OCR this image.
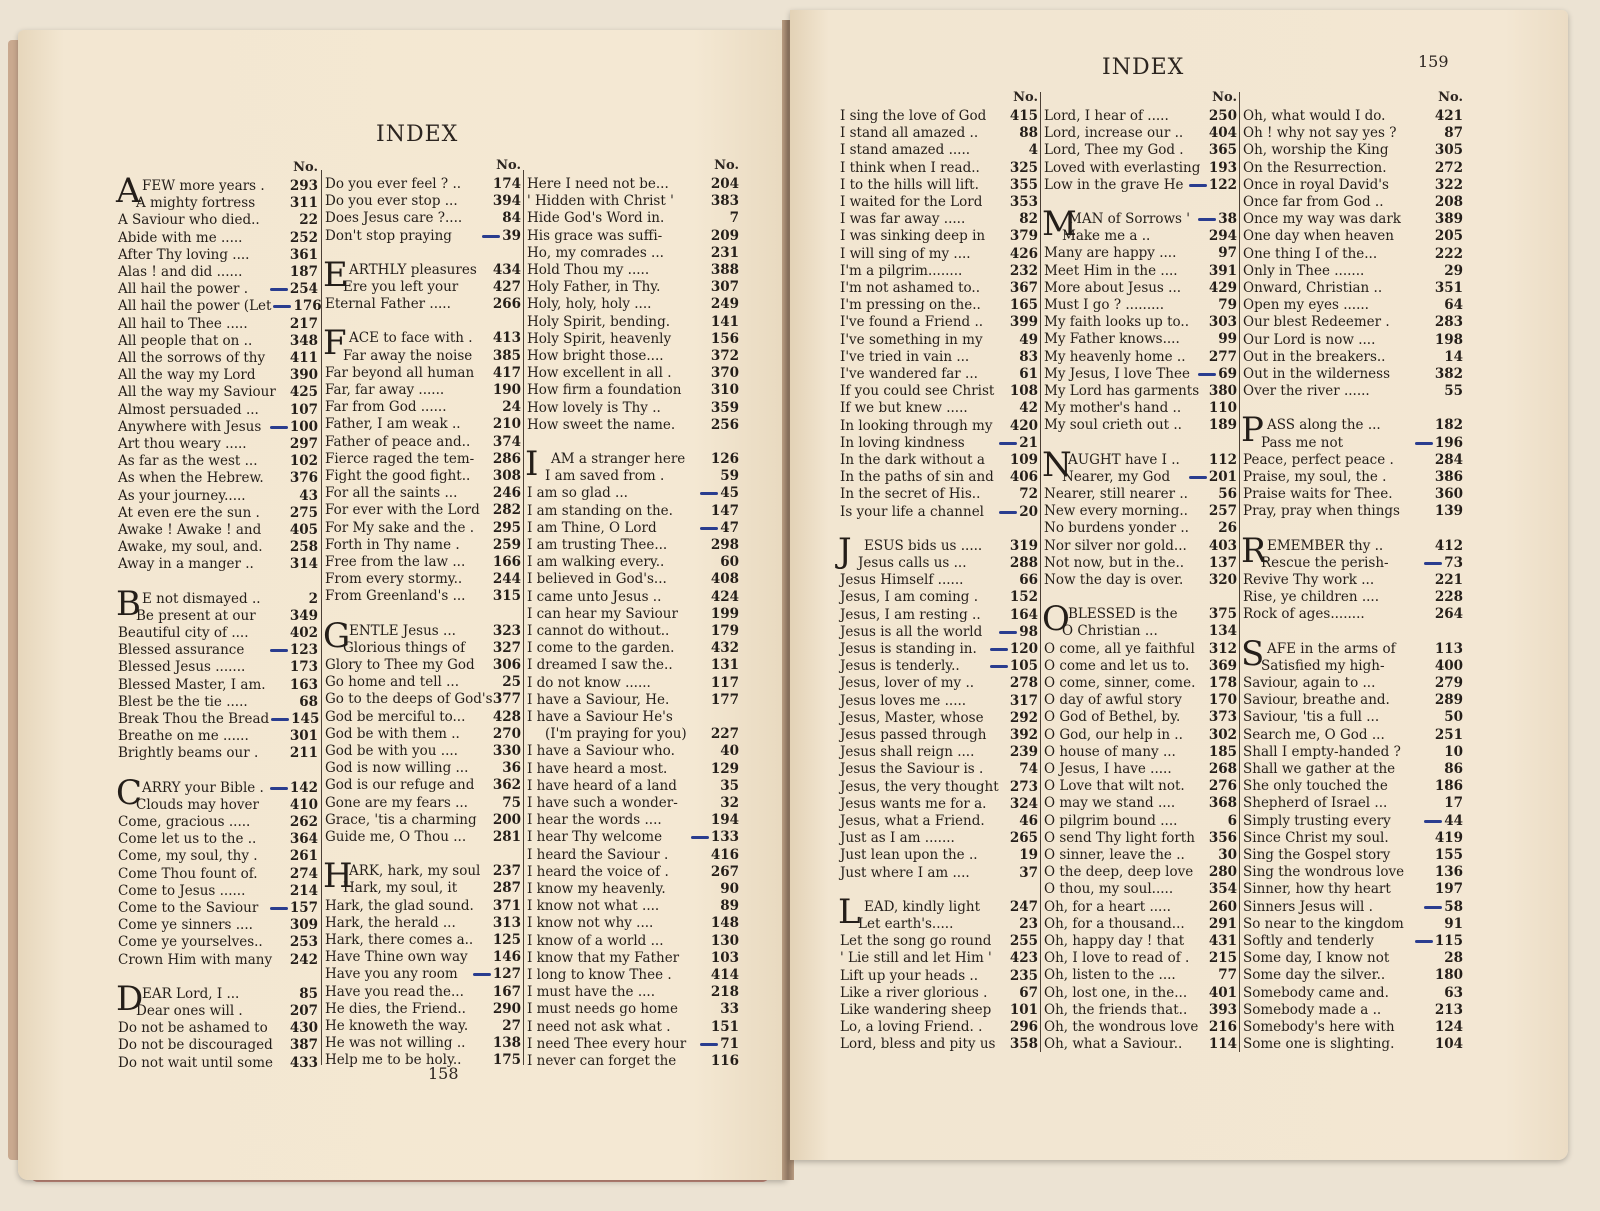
INDEX
158
No.
A FEW more years . 293
A mighty fortress	311
A Saviour who died..	22
Abide with me .....	252
After Thy loving ....	361
Alas ! and did ......	187
All hail the power .	254
All hail the power (Let	176
All hail to Thee .....	217
All people that on ..	348
All the sorrows of thy 411
All the way my Lord	390
All the way my Saviour 425
Almost persuaded ... 107
Anywhere with Jesus	100
Art thou weary .....	297
As far as the west ... 102
As when the Hebrew. 376
As your journey.....	43
At even ere the sun . 275
Awake ! Awake ! and 405
Awake, my soul, and. 258
Away in a manger ..	314
B E not dismayed ..	2
Be present at our	349
Beautiful city of ....	402
Blessed assurance	123
Blessed Jesus .......	173
Blessed Master, I am. 163
Blest be the tie .....	68
Break Thou the Bread	145
Breathe on me ......	301
Brightly beams our . 211
C ARRY your Bible .	142
Clouds may hover 410
Come, gracious .....	262
Come let us to the .. 364
Come, my soul, thy . 261
Come Thou fount of. 274
Come to Jesus ......	214
Come to the Saviour	157
Come ye sinners ....	309
Come ye yourselves.. 253
Crown Him with many 242
D
EAR Lord, I ...	85
Dear ones will .	207
Do not be ashamed to 430
Do not be discouraged 387
Do not wait until some 433
No.
Do you ever feel ? .. 174
Do you ever stop ...	394
Does Jesus care ?....	84
Don't stop praying	39
E ARTHLY pleasures 434
Ere you left your	427
Eternal Father .....	266
F ACE to face with . 413
Far away the noise 385
Far beyond all human 417
Far, far away ......	190
Far from God ......	24
Father, I am weak .. 210
Father of peace and.. 374
Fierce raged the tem- 286
Fight the good fight.. 308
For all the saints ...	246
For ever with the Lord 282
For My sake and the . 295
Forth in Thy name . 259
Free from the law ... 166
From every stormy.. 244
From Greenland's ... 315
G
ENTLE Jesus ...	323
Glorious things of 327
Glory to Thee my God 306
Go home and tell ...	25
Go to the deeps of God's 377
God be merciful to... 428
God be with them .. 270
God be with you ....	330
God is now willing ...	36
God is our refuge and 362
Gone are my fears ...	75
Grace, 'tis a charming 200
Guide me, O Thou ... 281
H
ARK, hark, my soul 237
Hark, my soul, it	287
Hark, the glad sound. 371
Hark, the herald ...	313
Hark, there comes a.. 125
Have Thine own way 146
Have you any room	127
Have you read the... 167
He dies, the Friend.. 290
He knoweth the way.	27
He was not willing .. 138
Help me to be holy.. 175
No.
Here I need not be...	204
' Hidden with Christ '	383
Hide God's Word in.	7
His grace was suffi-	209
Ho, my comrades ...	231
Hold Thou my .....	388
Holy Father, in Thy.	307
Holy, holy, holy ....	249
Holy Spirit, bending.	141
Holy Spirit, heavenly	156
How bright those....	372
How excellent in all .	370
How firm a foundation 310
How lovely is Thy ..	359
How sweet the name.	256
I AM a stranger here 126
I am saved from .	59
I am so glad ...	45
I am standing on the.	147
I am Thine, O Lord	47
I am trusting Thee...	298
I am walking every..	60
I believed in God's...	408
I came unto Jesus ..	424
I can hear my Saviour 199
I cannot do without..	179
I come to the garden.	432
I dreamed I saw the..	131
I do not know ......	117
I have a Saviour, He.	177
I have a Saviour He's
(I'm praying for you) 227
I have a Saviour who.	40
I have heard a most.	129
I have heard of a land	35
I have such a wonder-	32
I hear the words ....	194
I hear Thy welcome	133
I heard the Saviour .	416
I heard the voice of .	267
I know my heavenly.	90
I know not what ....	89
I know not why ....	148
I know of a world ...	130
I know that my Father 103
I long to know Thee .	414
I must have the ....	218
I must needs go home	33
I need not ask what .	151
I need Thee every hour	71
I never can forget the	116
INDEX	159
No.
I sing the love of God 415
I stand all amazed ..	88
I stand amazed .....	4
I think when I read.. 325
I to the hills will lift. 355
I waited for the Lord 353
I was far away .....	82
I was sinking deep in 379
I will sing of my ....	426
I'm a pilgrim........	232
I'm not ashamed to.. 367
I'm pressing on the.. 165
I've found a Friend .. 399
I've something in my	49
I've tried in vain ...	83
I've wandered far ...	61
If you could see Christ 108
If we but knew .....	42
In looking through my 420
In loving kindness	21
In the dark without a 109
In the paths of sin and 406
In the secret of His..	72
Is your life a channel	20
J ESUS bids us ..... 319
Jesus calls us ...	288
Jesus Himself ......	66
Jesus, I am coming . 152
Jesus, I am resting .. 164
Jesus is all the world	98
Jesus is standing in.	120
Jesus is tenderly..	105
Jesus, lover of my ..	278
Jesus loves me .....	317
Jesus, Master, whose 292
Jesus passed through 392
Jesus shall reign ....	239
Jesus the Saviour is .	74
Jesus, the very thought 273
Jesus wants me for a. 324
Jesus, what a Friend.	46
Just as I am .......	265
Just lean upon the ..	19
Just where I am ....	37
L EAD, kindly light 247
Let earth's.....	23
Let the song go round 255
' Lie still and let Him ' 423
Lift up your heads .. 235
Like a river glorious . 67
Like wandering sheep 101
Lo, a loving Friend. . 296
Lord, bless and pity us 358
No.
Lord, I hear of .....	250
Lord, increase our .. 404
Lord, Thee my God . 365
Loved with everlasting 193
Low in the grave He	122
M
MAN of Sorrows '	38
Make me a ..	294
Many are happy ....	97
Meet Him in the .... 391
More about Jesus ... 429
Must I go ? .........	79
My faith looks up to.. 303
My Father knows....	99
My heavenly home .. 277
My Jesus, I love Thee	69
My Lord has garments 380
My mother's hand .. 110
My soul crieth out .. 189
N
AUGHT have I .. 112
Nearer, my God	201
Nearer, still nearer .. 56
New every morning.. 257
No burdens yonder .. 26
Nor silver nor gold... 403
Not now, but in the.. 137
Now the day is over. 320
O
BLESSED is the 375
O Christian ...	134
O come, all ye faithful 312
O come and let us to. 369
O come, sinner, come. 178
O day of awful story 170
O God of Bethel, by. 373
O God, our help in .. 302
O house of many ... 185
O Jesus, I have .....	268
O Love that wilt not. 276
O may we stand .... 368
O pilgrim bound ....	6
O send Thy light forth 356
O sinner, leave the .. 30
O the deep, deep love 280
O thou, my soul.....	354
Oh, for a heart .....	260
Oh, for a thousand... 291
Oh, happy day ! that 431
Oh, I love to read of . 215
Oh, listen to the ....	77
Oh, lost one, in the... 401
Oh, the friends that.. 393
Oh, the wondrous love 216
Oh, what a Saviour.. 114
No.
Oh, what would I do.	421
Oh ! why not say yes ?	87
Oh, worship the King	305
On the Resurrection.	272
Once in royal David's	322
Once far from God ..	208
Once my way was dark	389
One day when heaven	205
One thing I of the...	222
Only in Thee .......	29
Onward, Christian ..	351
Open my eyes ......	64
Our blest Redeemer .	283
Our Lord is now ....	198
Out in the breakers..	14
Out in the wilderness	382
Over the river ......	55
P ASS along the ...	182
Pass me not	196
Peace, perfect peace .	284
Praise, my soul, the .	386
Praise waits for Thee.	360
Pray, pray when things	139
R EMEMBER thy ..	412
Rescue the perish-	73
Revive Thy work ...	221
Rise, ye children ....	228
Rock of ages........	264
S AFE in the arms of	113
Satisfied my high-	400
Saviour, again to ...	279
Saviour, breathe and.	289
Saviour, 'tis a full ...	50
Search me, O God ...	251
Shall I empty-handed ?	10
Shall we gather at the	86
She only touched the	186
Shepherd of Israel ...	17
Simply trusting every	44
Since Christ my soul.	419
Sing the Gospel story	155
Sing the wondrous love 136
Sinner, how thy heart	197
Sinners Jesus will .	58
So near to the kingdom	91
Softly and tenderly	115
Some day, I know not	28
Some day the silver..	180
Somebody came and.	63
Somebody made a ..	213
Somebody's here with	124
Some one is slighting.	104
